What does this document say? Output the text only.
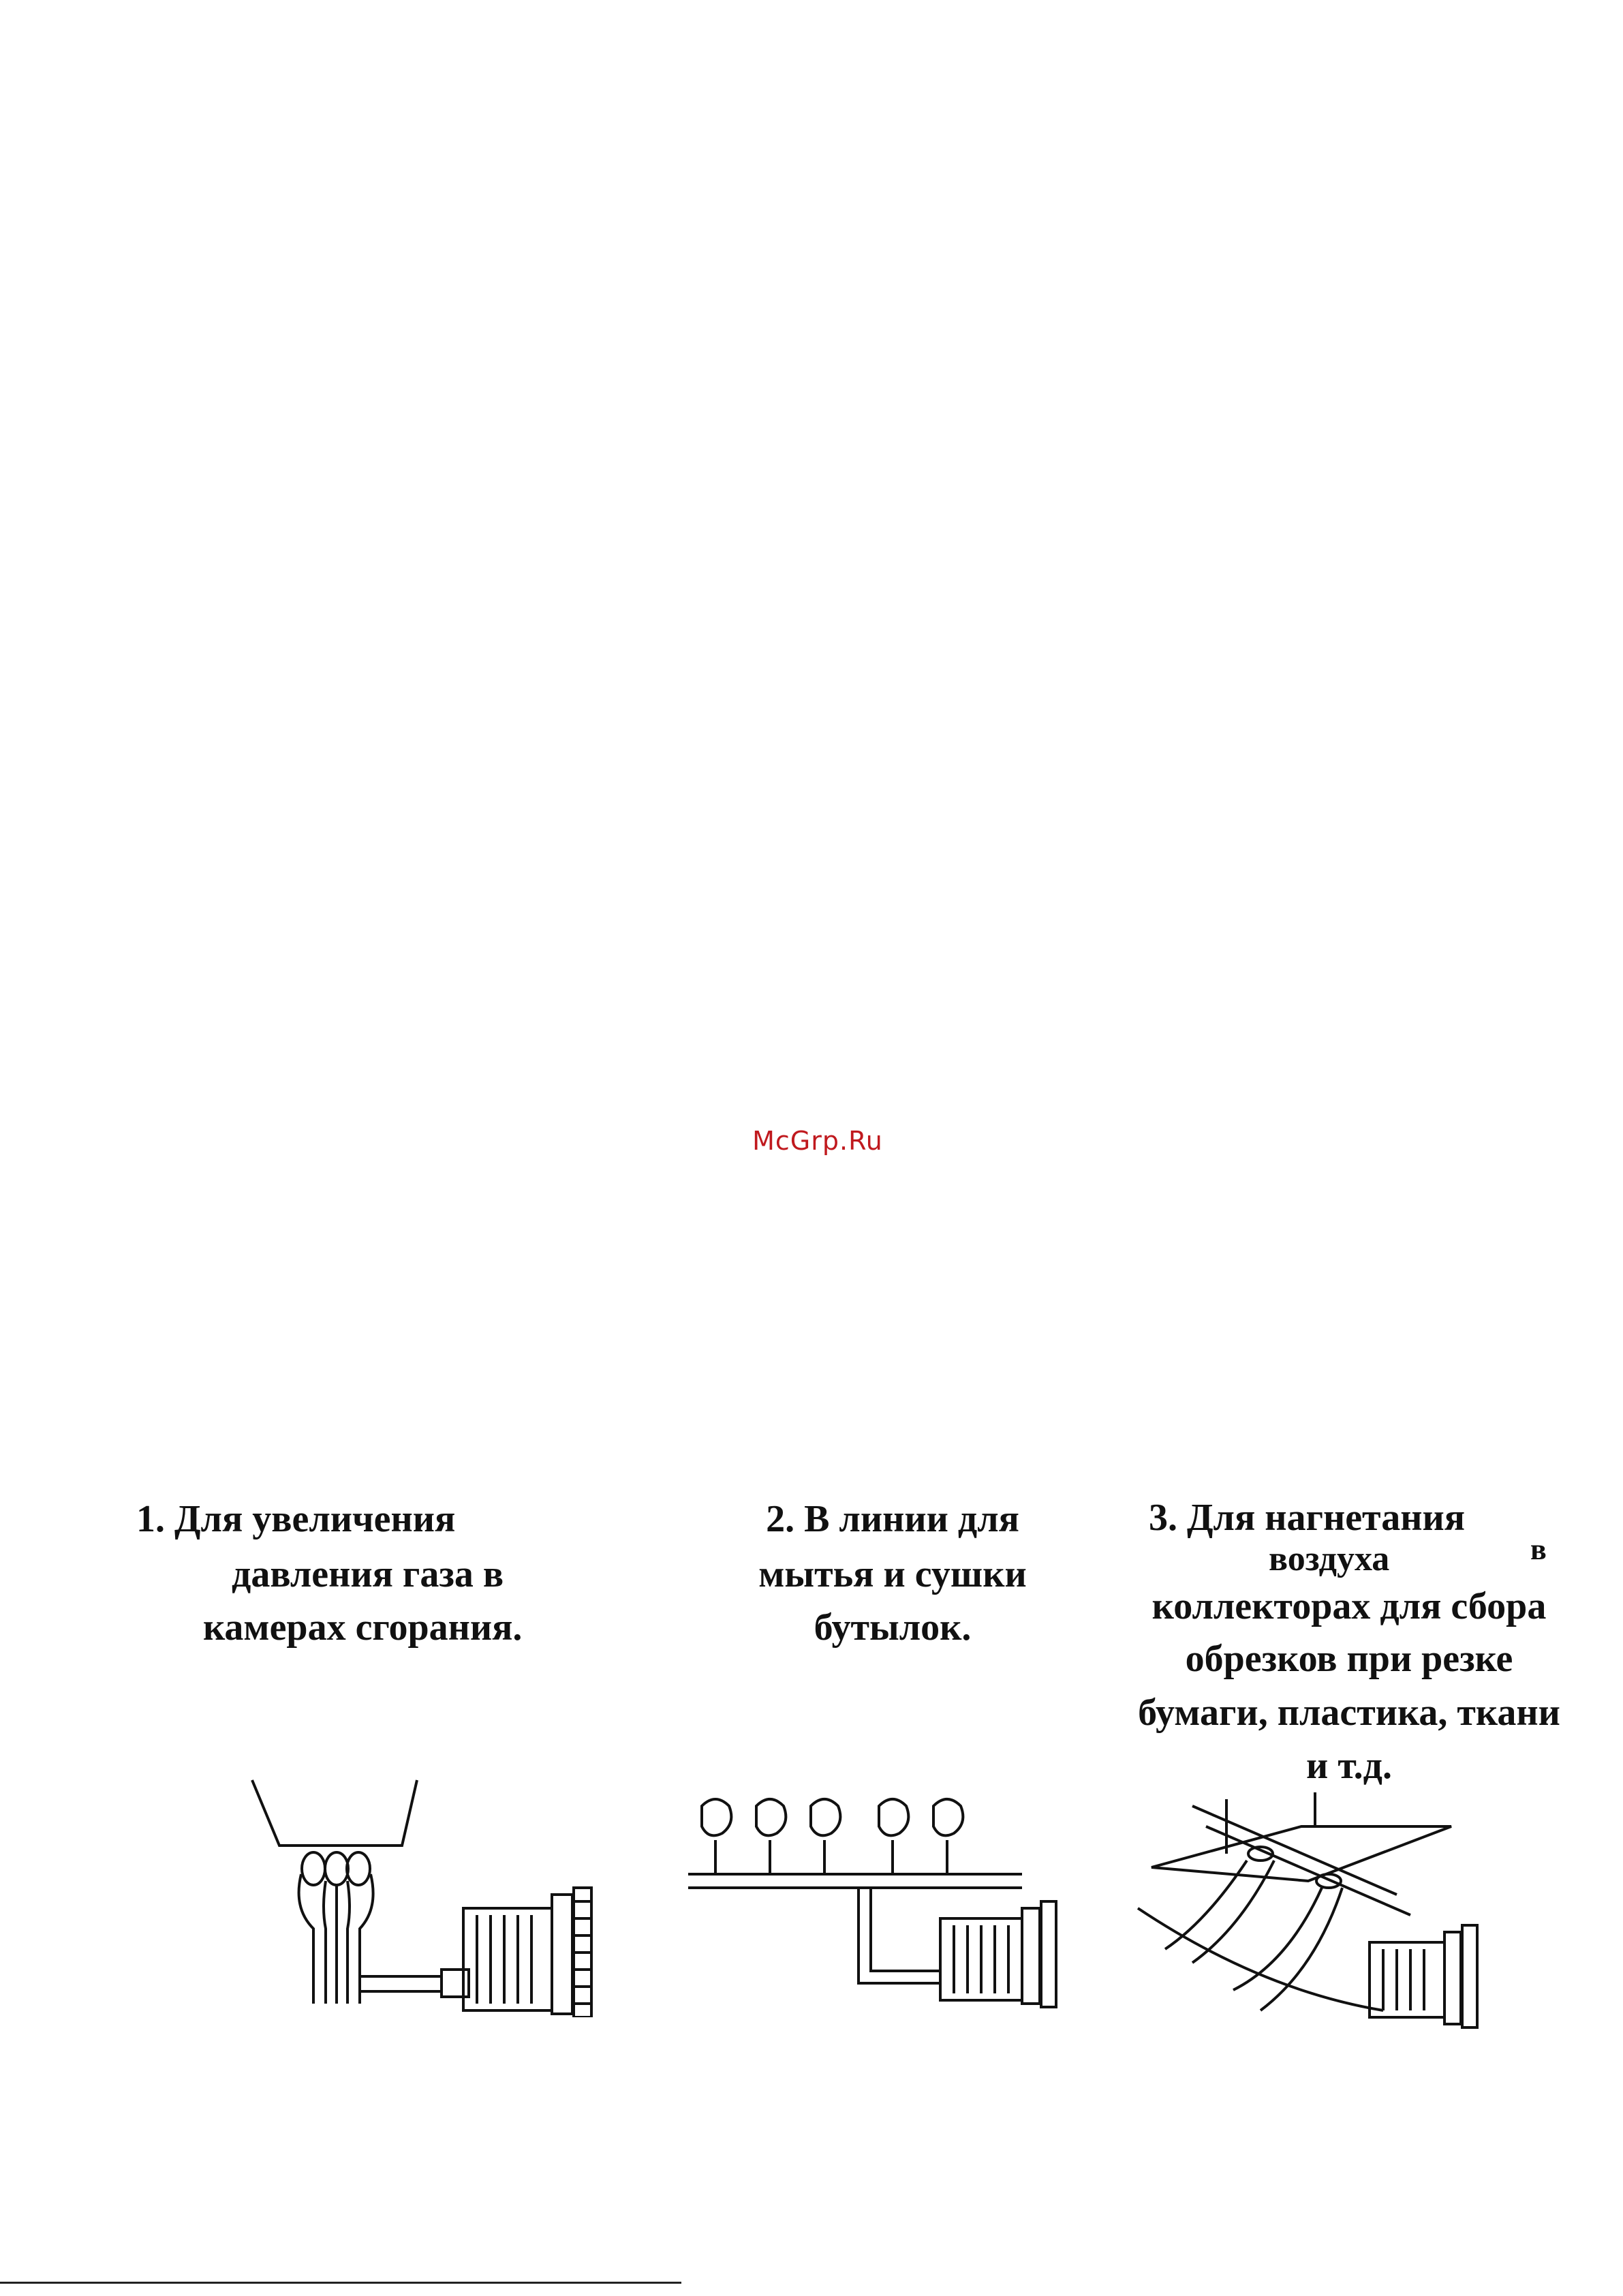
McGrp.Ru
1. Для увеличения
давления газа в
камерах сгорания.
2. В линии для
мытья и сушки
бутылок.
3. Для нагнетания
воздуха	в
коллекторах для сбора
обрезков при резке
бумаги, пластика, ткани
и т.д.
